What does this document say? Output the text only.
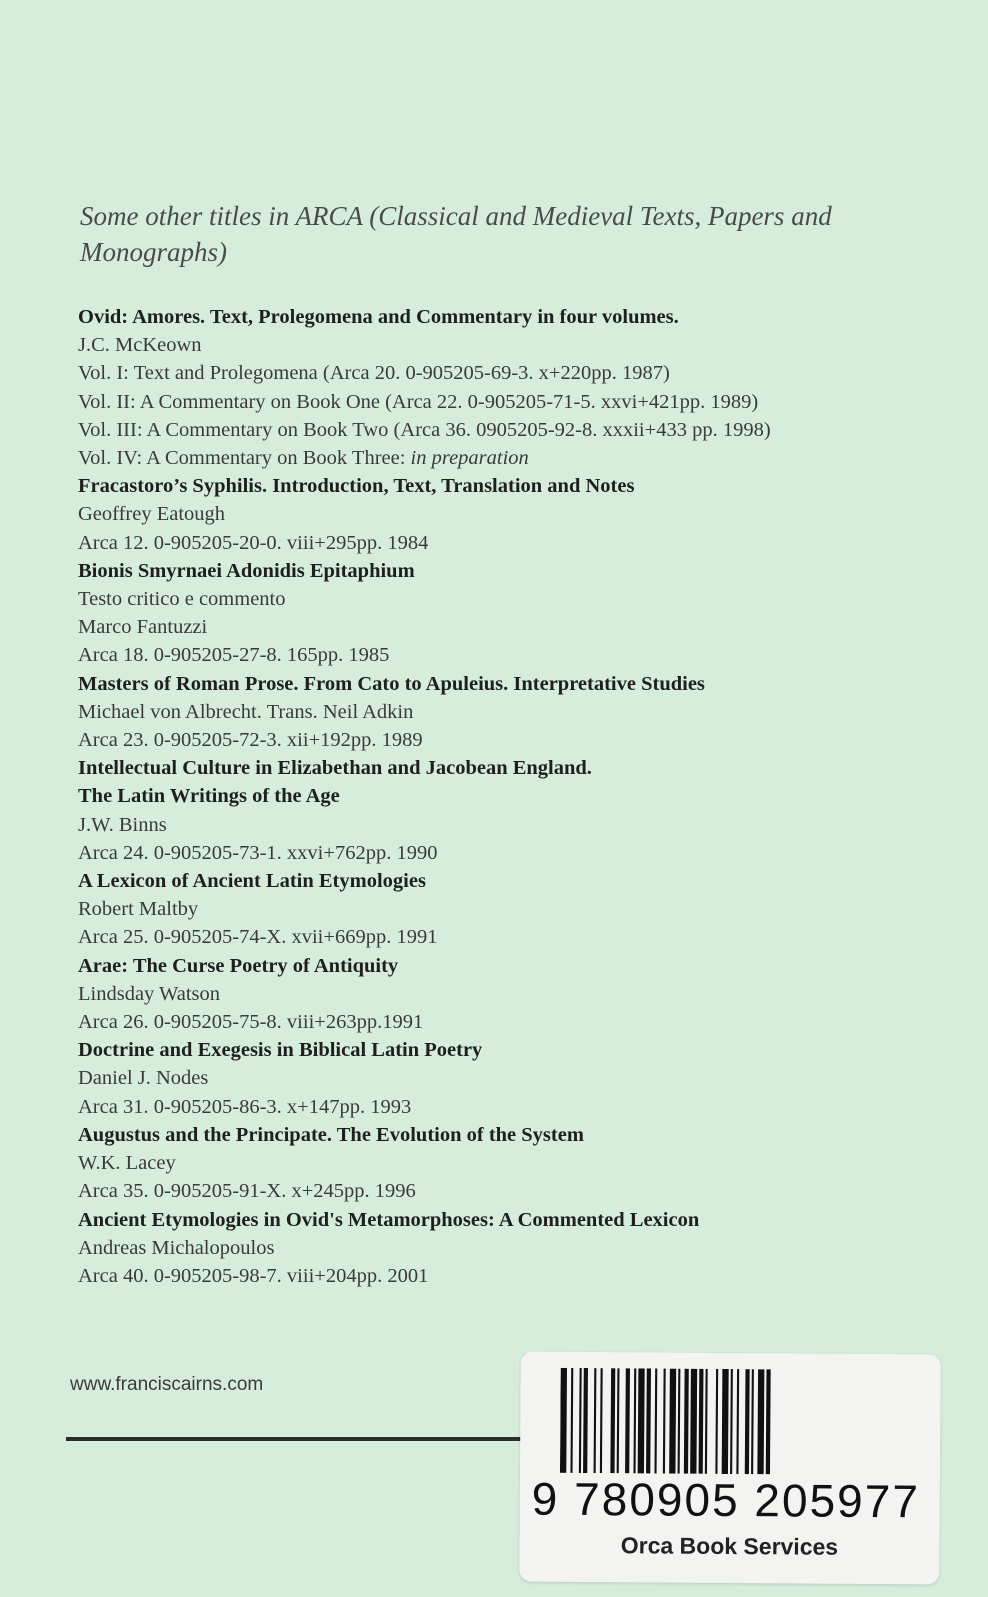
Some other titles in ARCA (Classical and Medieval Texts, Papers and Monographs)

Ovid: Amores. Text, Prolegomena and Commentary in four volumes.
J.C. McKeown
Vol. I: Text and Prolegomena (Arca 20. 0-905205-69-3. x+220pp. 1987)
Vol. II: A Commentary on Book One (Arca 22. 0-905205-71-5. xxvi+421pp. 1989)
Vol. III: A Commentary on Book Two (Arca 36. 0905205-92-8. xxxii+433 pp. 1998)
Vol. IV: A Commentary on Book Three: in preparation
Fracastoro’s Syphilis. Introduction, Text, Translation and Notes
Geoffrey Eatough
Arca 12. 0-905205-20-0. viii+295pp. 1984
Bionis Smyrnaei Adonidis Epitaphium
Testo critico e commento
Marco Fantuzzi
Arca 18. 0-905205-27-8. 165pp. 1985
Masters of Roman Prose. From Cato to Apuleius. Interpretative Studies
Michael von Albrecht. Trans. Neil Adkin
Arca 23. 0-905205-72-3. xii+192pp. 1989
Intellectual Culture in Elizabethan and Jacobean England.
The Latin Writings of the Age
J.W. Binns
Arca 24. 0-905205-73-1. xxvi+762pp. 1990
A Lexicon of Ancient Latin Etymologies
Robert Maltby
Arca 25. 0-905205-74-X. xvii+669pp. 1991
Arae: The Curse Poetry of Antiquity
Lindsday Watson
Arca 26. 0-905205-75-8. viii+263pp.1991
Doctrine and Exegesis in Biblical Latin Poetry
Daniel J. Nodes
Arca 31. 0-905205-86-3. x+147pp. 1993
Augustus and the Principate. The Evolution of the System
W.K. Lacey
Arca 35. 0-905205-91-X. x+245pp. 1996
Ancient Etymologies in Ovid's Metamorphoses: A Commented Lexicon
Andreas Michalopoulos
Arca 40. 0-905205-98-7. viii+204pp. 2001
www.franciscairns.com
9 780905 205977
Orca Book Services
